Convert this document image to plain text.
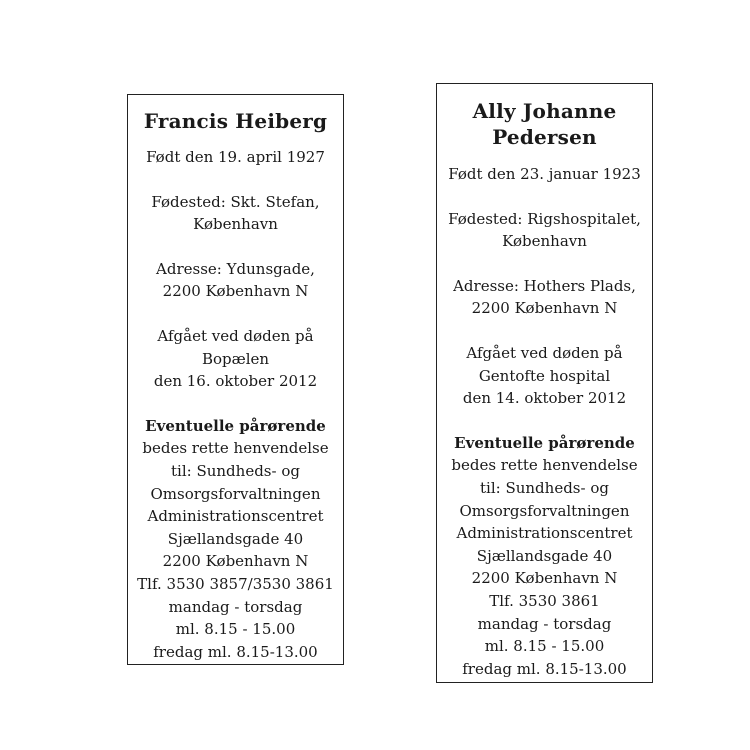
Francis Heiberg
Født den 19. april 1927
Fødested: Skt. Stefan,
København
Adresse: Ydunsgade,
2200 København N
Afgået ved døden på
Bopælen
den 16. oktober 2012
Eventuelle pårørende
bedes rette henvendelse
til: Sundheds- og
Omsorgsforvaltningen
Administrationscentret
Sjællandsgade 40
2200 København N
Tlf. 3530 3857/3530 3861
mandag - torsdag
ml. 8.15 - 15.00
fredag ml. 8.15-13.00
Ally Johanne
Pedersen
Født den 23. januar 1923
Fødested: Rigshospitalet,
København
Adresse: Hothers Plads,
2200 København N
Afgået ved døden på
Gentofte hospital
den 14. oktober 2012
Eventuelle pårørende
bedes rette henvendelse
til: Sundheds- og
Omsorgsforvaltningen
Administrationscentret
Sjællandsgade 40
2200 København N
Tlf. 3530 3861
mandag - torsdag
ml. 8.15 - 15.00
fredag ml. 8.15-13.00
